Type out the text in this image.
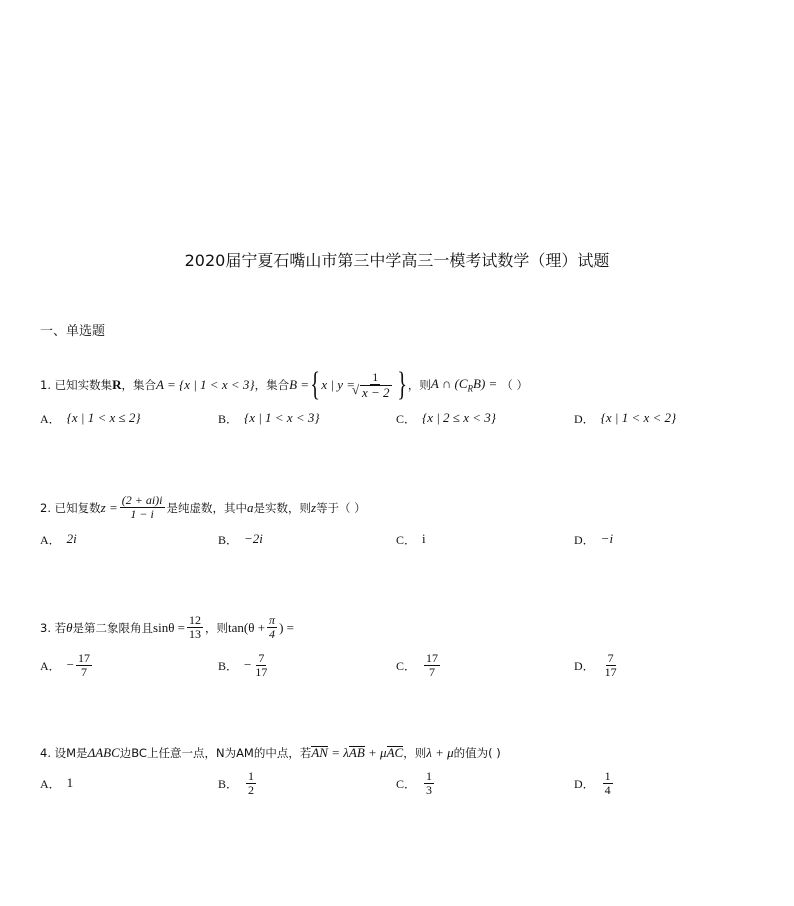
2020届宁夏石嘴山市第三中学高三一模考试数学（理）试题
一、单选题
1. 已知实数集 R ，集合 A = {x | 1 < x < 3} ，集合 B = { x | y = 1
√ x − 2 } ，则 A ∩ $(C_RB)$ = （ ）
A． {x | 1 < x ≤ 2}	B． {x | 1 < x < 3}	C． {x | 2 ≤ x < 3}	D． {x | 1 < x < 2}
2. 已知复数 $z = \frac{(2 + ai)i}{1 - i}$ 是纯虚数，其中 a 是实数，则 z 等于（ ）
A． 2i	B． −2i	C． i	D． −i
3. 若 θ 是第二象限角且 $\sin\theta = \frac{12}{13}$ ，则 $\tan(\theta + \frac{\pi}{4}$ ) =
A． − $\frac{17}{7}$	B． − $\frac{7}{17}$	C． $\frac{17}{7}$	D． $\frac{7}{17}$
4. 设M是 ΔABC 边BC上任意一点，N为AM的中点，若 AN = λAB + μAC ，则 λ + μ 的值为( )
A． 1	B． $\frac{1}{2}$	C． $\frac{1}{3}$	D． $\frac{1}{4}$
